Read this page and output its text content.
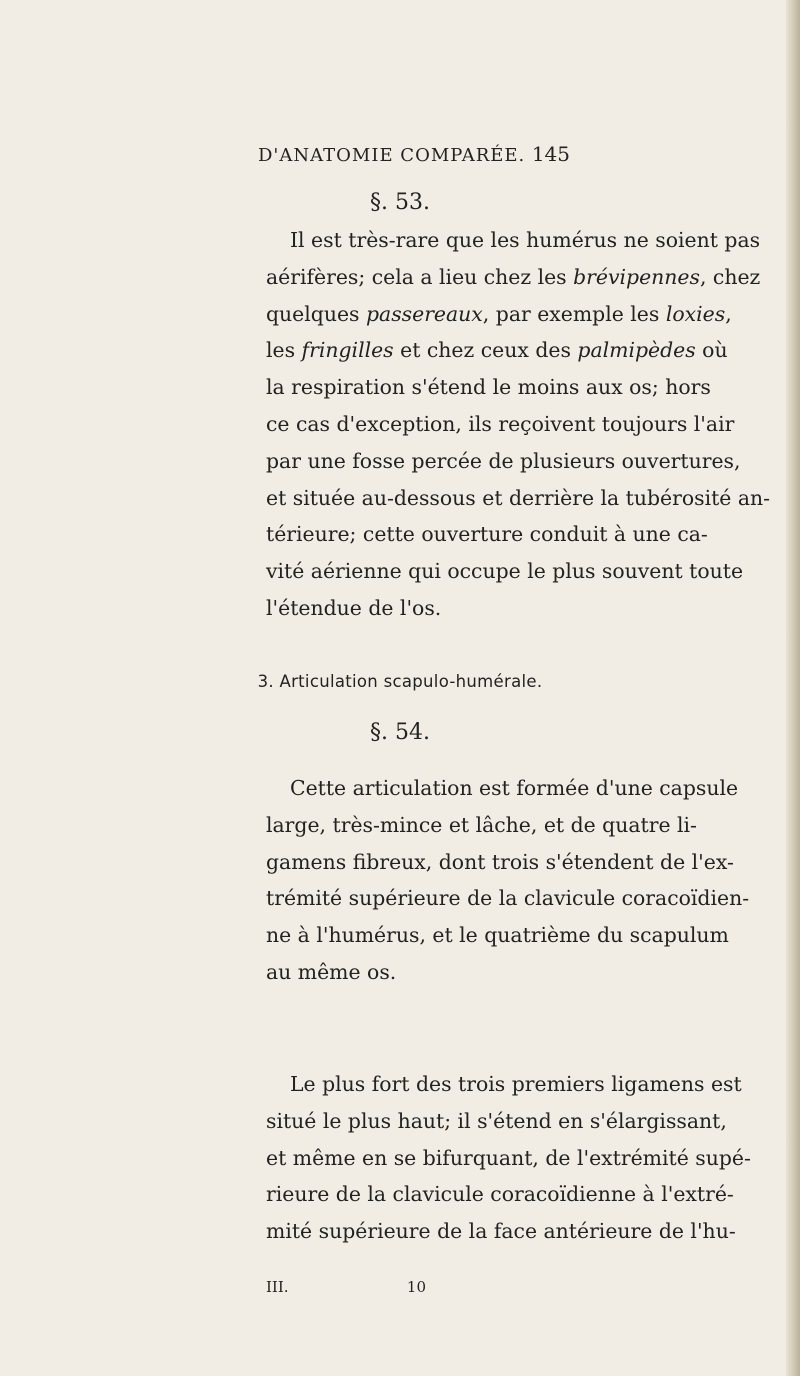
D'ANATOMIE COMPARÉE. 145
§. 53.
Il est très-rare que les humérus ne soient pas
aérifères; cela a lieu chez les brévipennes, chez
quelques passereaux, par exemple les loxies,
les fringilles et chez ceux des palmipèdes où
la respiration s'étend le moins aux os; hors
ce cas d'exception, ils reçoivent toujours l'air
par une fosse percée de plusieurs ouvertures,
et située au-dessous et derrière la tubérosité an-
térieure; cette ouverture conduit à une ca-
vité aérienne qui occupe le plus souvent toute
l'étendue de l'os.
3. Articulation scapulo-humérale.
§. 54.
Cette articulation est formée d'une capsule
large, très-mince et lâche, et de quatre li-
gamens fibreux, dont trois s'étendent de l'ex-
trémité supérieure de la clavicule coracoïdien-
ne à l'humérus, et le quatrième du scapulum
au même os.
Le plus fort des trois premiers ligamens est
situé le plus haut; il s'étend en s'élargissant,
et même en se bifurquant, de l'extrémité supé-
rieure de la clavicule coracoïdienne à l'extré-
mité supérieure de la face antérieure de l'hu-
III.	10
